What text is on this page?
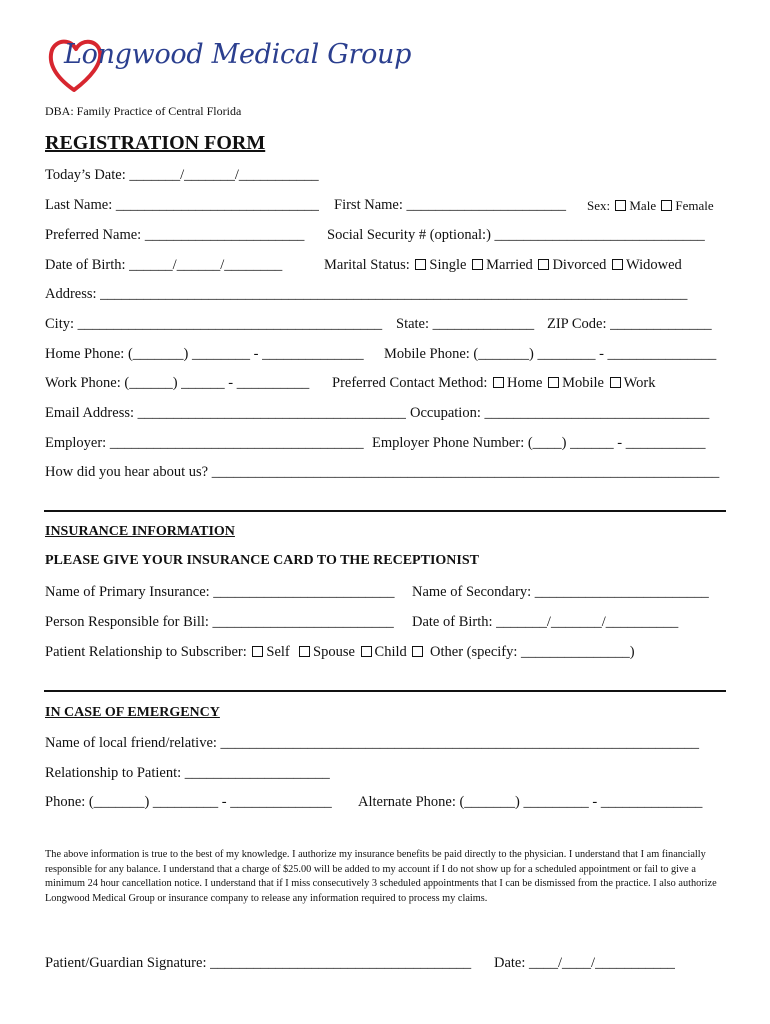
Longwood Medical Group
DBA: Family Practice of Central Florida
REGISTRATION FORM
Today’s Date: _______/_______/___________
Last Name: ____________________________ First Name: ______________________ Sex: Male Female
Preferred Name: ______________________ Social Security # (optional:) _____________________________
Date of Birth: ______/______/________	Marital Status: Single Married Divorced Widowed
Address: _________________________________________________________________________________
City: __________________________________________ State: ______________ ZIP Code: ______________
Home Phone: (_______) ________ - ______________ Mobile Phone: (_______) ________ - _______________
Work Phone: (______) ______ - __________ Preferred Contact Method: Home Mobile Work
Email Address: _____________________________________ Occupation: _______________________________
Employer: ___________________________________ Employer Phone Number: (____) ______ - ___________
How did you hear about us? ______________________________________________________________________
INSURANCE INFORMATION
PLEASE GIVE YOUR INSURANCE CARD TO THE RECEPTIONIST
Name of Primary Insurance: _________________________ Name of Secondary: ________________________
Person Responsible for Bill: _________________________ Date of Birth: _______/_______/__________
Patient Relationship to Subscriber: Self Spouse Child Other (specify: _______________)
IN CASE OF EMERGENCY
Name of local friend/relative: __________________________________________________________________
Relationship to Patient: ____________________
Phone: (_______) _________ - ______________ Alternate Phone: (_______) _________ - ______________
The above information is true to the best of my knowledge. I authorize my insurance benefits be paid directly to the physician. I understand that I am financially responsible for any balance. I understand that a charge of $25.00 will be added to my account if I do not show up for a scheduled appointment or fail to give a minimum 24 hour cancellation notice. I understand that if I miss consecutively 3 scheduled appointments that I can be dismissed from the practice. I also authorize Longwood Medical Group or insurance company to release any information required to process my claims.
Patient/Guardian Signature: ____________________________________ Date: ____/____/___________
